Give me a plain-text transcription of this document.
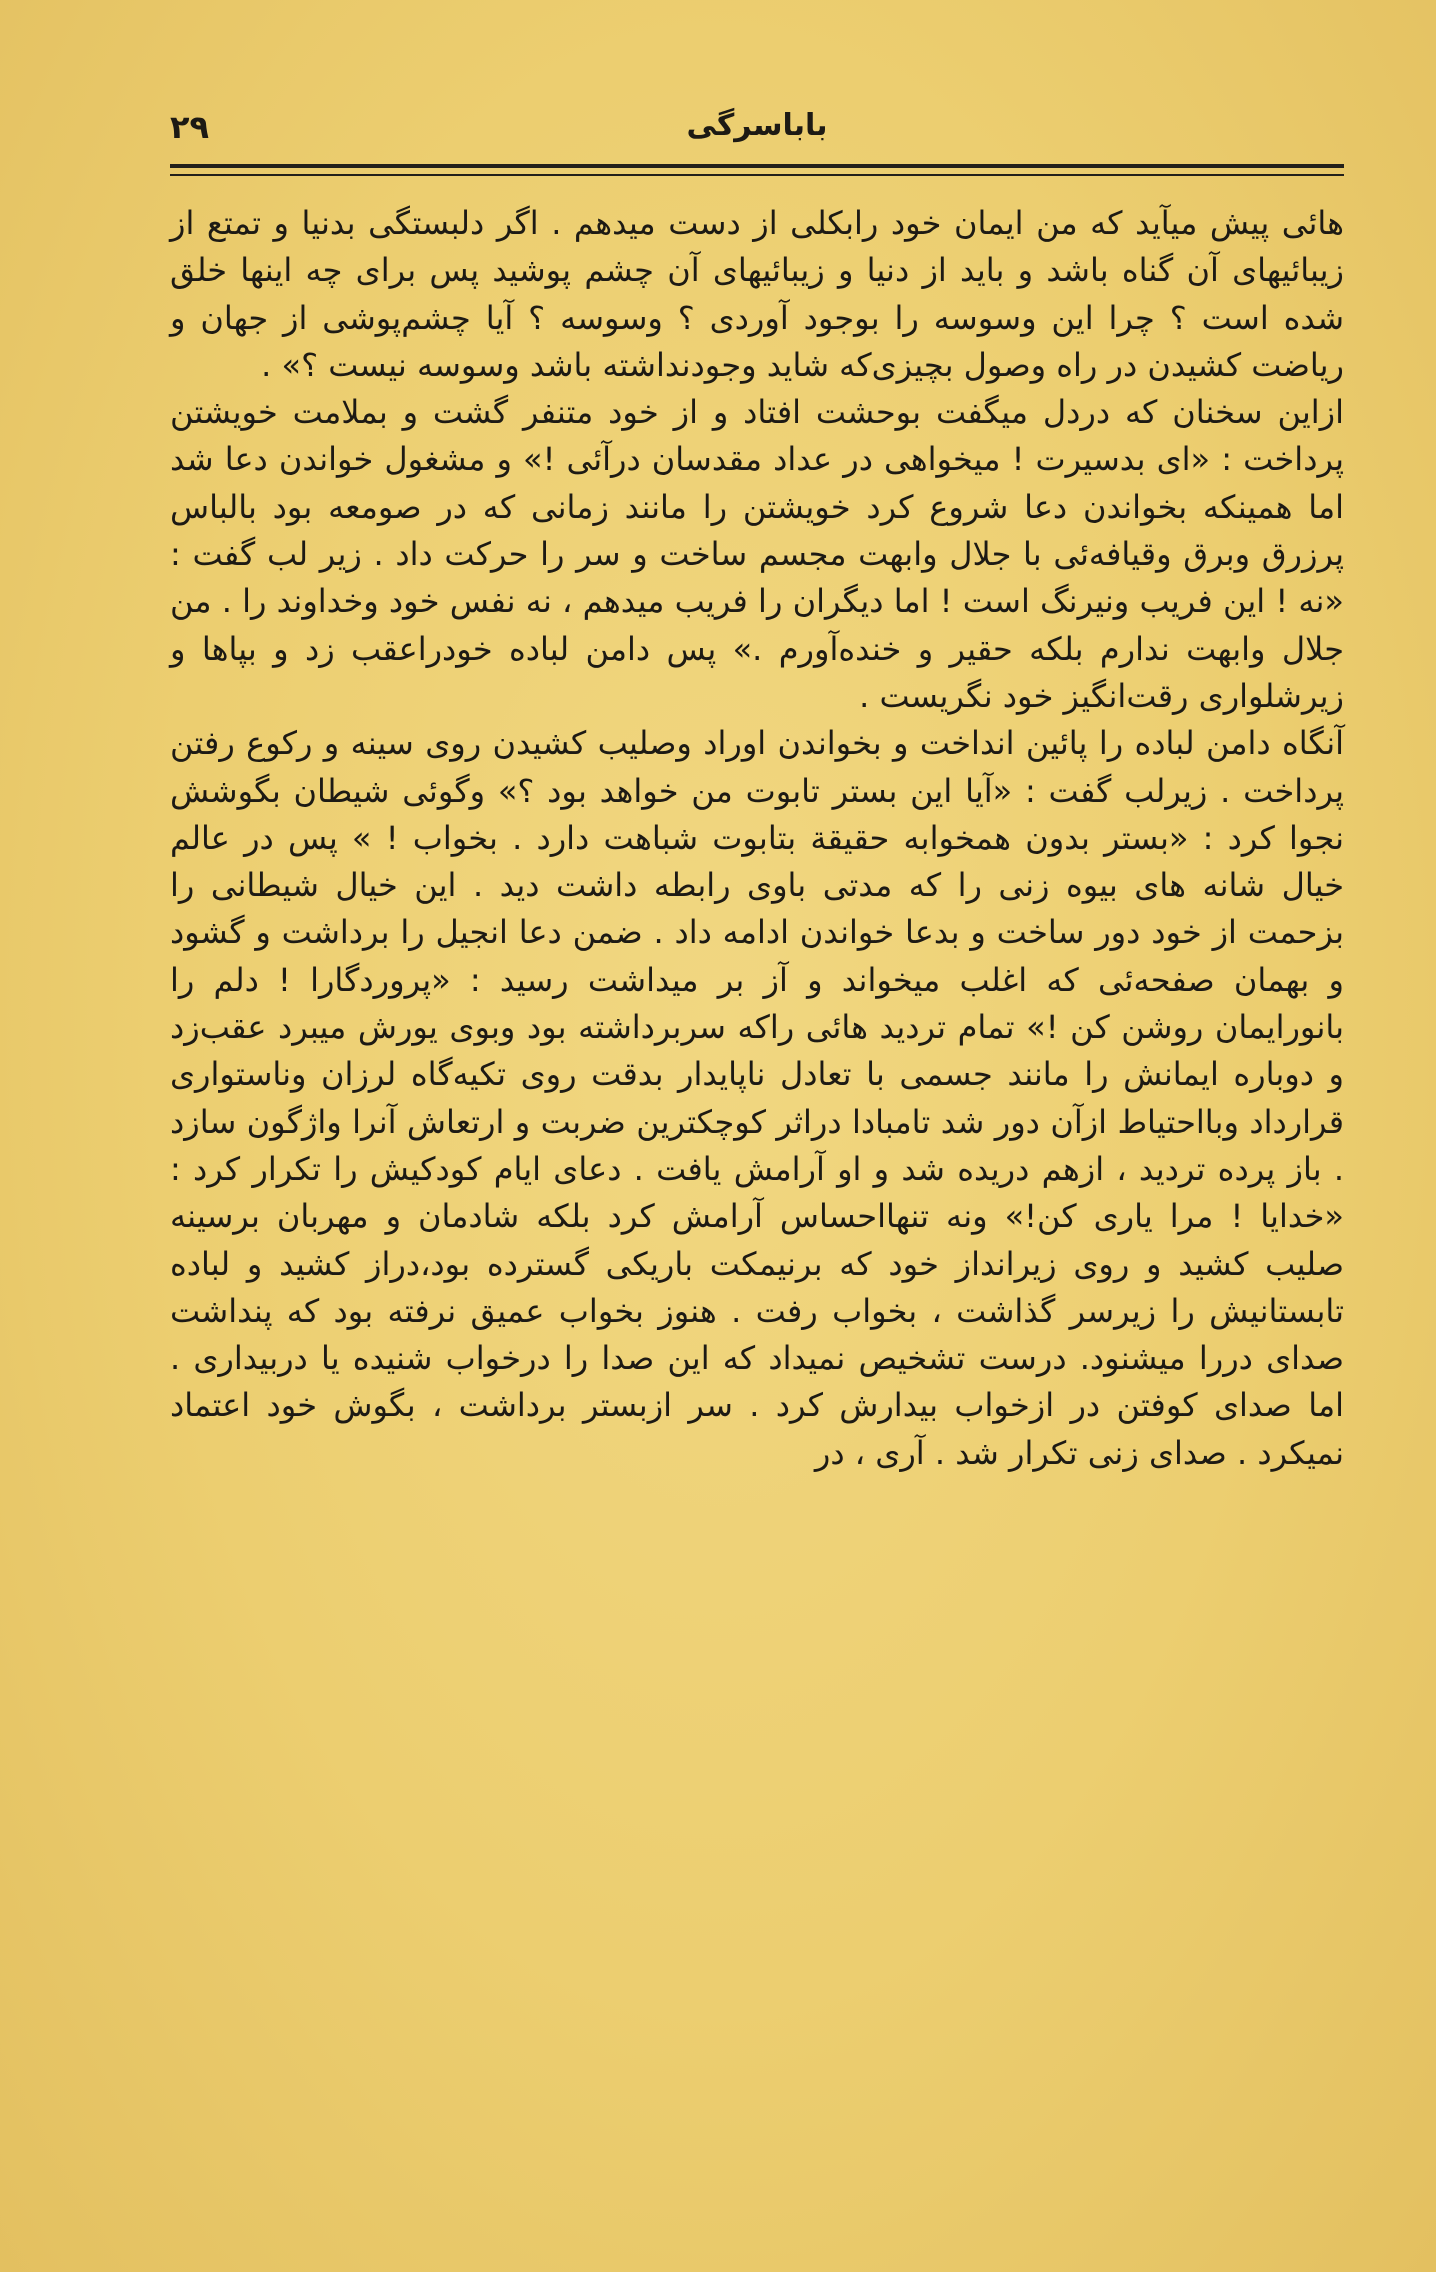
باباسرگی
۲۹

هائی پیش میآید که من ایمان خود رابکلی از دست میدهم . اگر دلبستگی بدنیا و تمتع از زیبائیهای آن گناه باشد و باید از دنیا و زیبائیهای آن چشم پوشید پس برای چه اینها خلق شده است ؟ چرا این وسوسه را بوجود آوردی ؟ وسوسه ؟ آیا چشم‌پوشی از جهان و ریاضت کشیدن در راه وصول بچیزی‌که شاید وجودنداشته باشد وسوسه نیست ؟» .

ازاین سخنان که دردل میگفت بوحشت افتاد و از خود متنفر گشت و بملامت خویشتن پرداخت : «ای بدسیرت ! میخواهی در عداد مقدسان درآئی !» و مشغول خواندن دعا شد اما همینکه بخواندن دعا شروع کرد خویشتن را مانند زمانی که در صومعه بود بالباس پرزرق وبرق وقیافه‌ئی با جلال وابهت مجسم ساخت و سر را حرکت داد . زیر لب گفت : «نه ! این فریب ونیرنگ است ! اما دیگران را فریب میدهم ، نه نفس خود وخداوند را . من جلال وابهت ندارم بلکه حقیر و خنده‌آورم .» پس دامن لباده خودراعقب زد و بپاها و زیرشلواری رقت‌انگیز خود نگریست .

آنگاه دامن لباده را پائین انداخت و بخواندن اوراد وصلیب کشیدن روی سینه و رکوع رفتن پرداخت . زیرلب گفت : «آیا این بستر تابوت من خواهد بود ؟» وگوئی شیطان بگوشش نجوا کرد : «بستر بدون همخوابه حقیقة بتابوت شباهت دارد . بخواب ! » پس در عالم خیال شانه های بیوه زنی را که مدتی باوی رابطه داشت دید . این خیال شیطانی را بزحمت از خود دور ساخت و بدعا خواندن ادامه داد . ضمن دعا انجیل را برداشت و گشود و بهمان صفحه‌ئی که اغلب میخواند و آز بر میداشت رسید : «پروردگارا ! دلم را بانورایمان روشن کن !» تمام تردید هائی راکه سربرداشته بود وبوی یورش میبرد عقب‌زد و دوباره ایمانش را مانند جسمی با تعادل ناپایدار بدقت روی تکیه‌گاه لرزان وناستواری قرارداد وبااحتیاط ازآن دور شد تامبادا دراثر کوچکترین ضربت و ارتعاش آنرا واژگون سازد . باز پرده تردید ، ازهم دریده شد و او آرامش یافت . دعای ایام کودکیش را تکرار کرد : «خدایا ! مرا یاری کن!» ونه تنهااحساس آرامش کرد بلکه شادمان و مهربان برسینه صلیب کشید و روی زیرانداز خود که برنیمکت باریکی گسترده بود،دراز کشید و لباده تابستانیش را زیرسر گذاشت ، بخواب رفت . هنوز بخواب عمیق نرفته بود که پنداشت صدای دررا میشنود. درست تشخیص نمیداد که این صدا را درخواب شنیده یا دربیداری . اما صدای کوفتن در ازخواب بیدارش کرد . سر ازبستر برداشت ، بگوش خود اعتماد نمیکرد . صدای زنی تکرار شد . آری ، در
